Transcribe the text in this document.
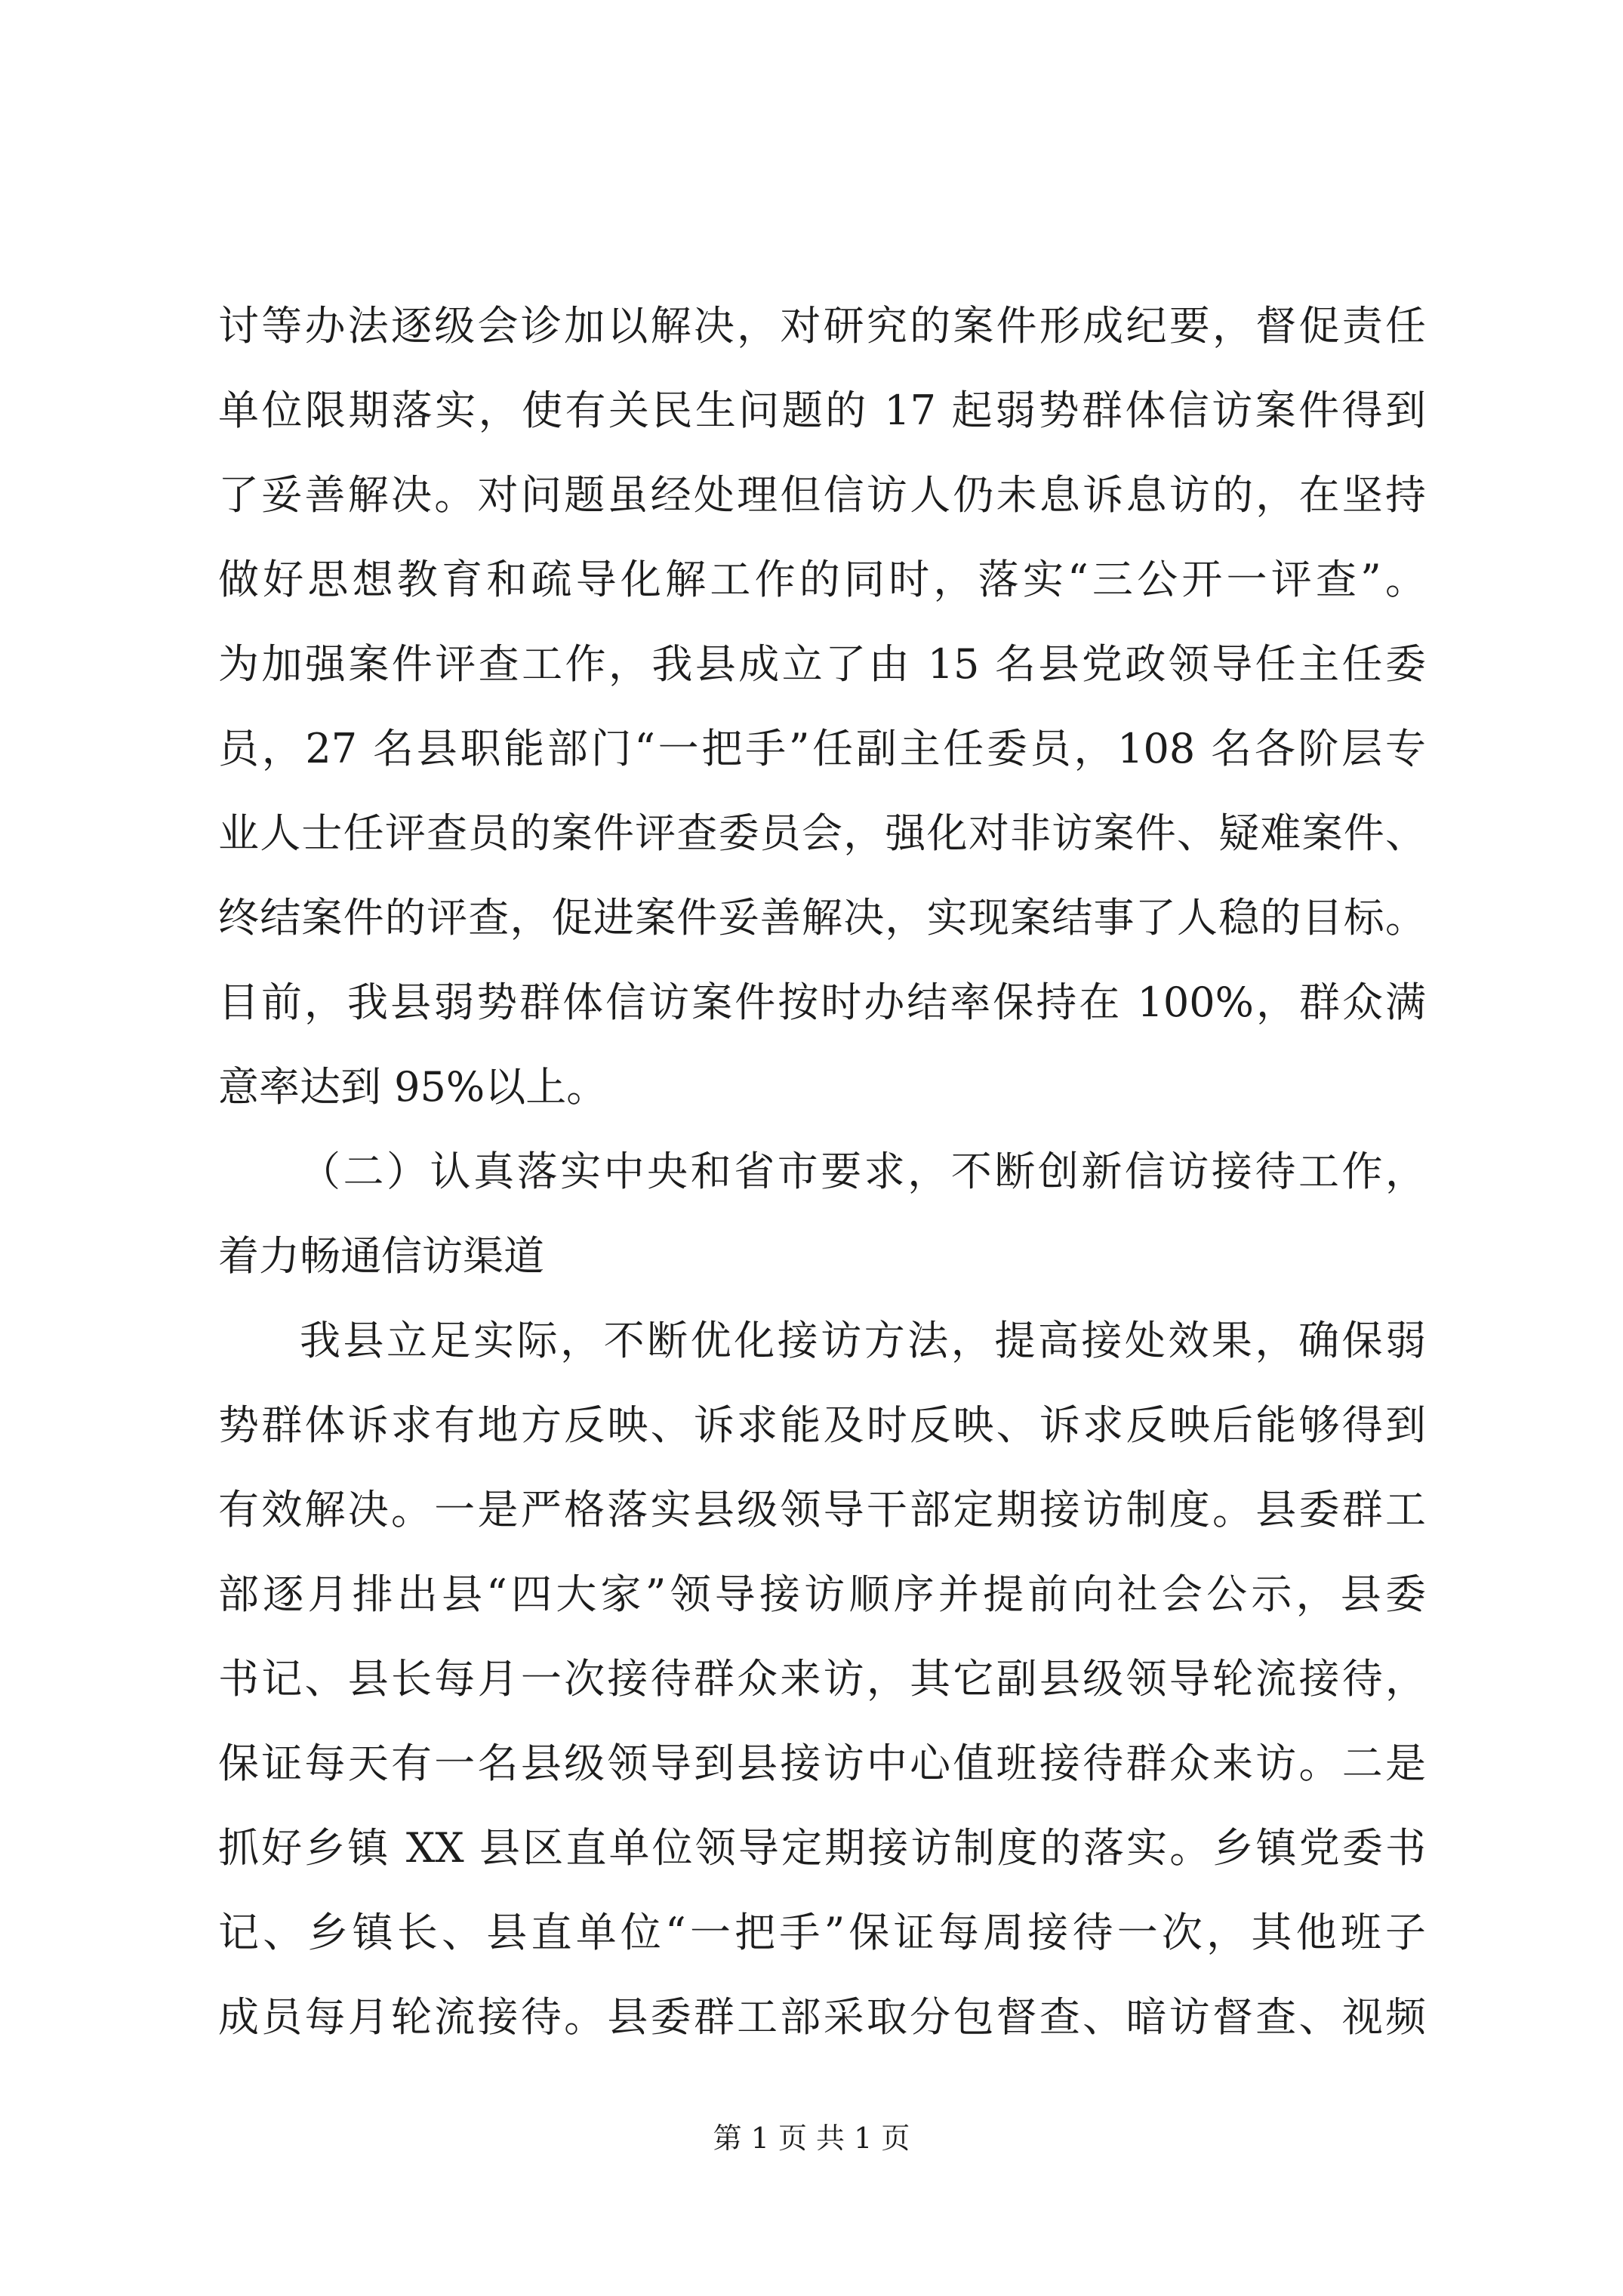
讨等办法逐级会诊加以解决，对研究的案件形成纪要，督促责任
单位限期落实，使有关民生问题的 17 起弱势群体信访案件得到
了妥善解决。对问题虽经处理但信访人仍未息诉息访的，在坚持
做好思想教育和疏导化解工作的同时，落实“三公开一评查”。
为加强案件评查工作，我县成立了由 15 名县党政领导任主任委
员，27 名县职能部门“一把手”任副主任委员，108 名各阶层专
业人士任评查员的案件评查委员会，强化对非访案件、疑难案件、
终结案件的评查，促进案件妥善解决，实现案结事了人稳的目标。
目前，我县弱势群体信访案件按时办结率保持在 100%，群众满
意率达到 95%以上。
（二）认真落实中央和省市要求，不断创新信访接待工作，
着力畅通信访渠道
我县立足实际，不断优化接访方法，提高接处效果，确保弱
势群体诉求有地方反映、诉求能及时反映、诉求反映后能够得到
有效解决。一是严格落实县级领导干部定期接访制度。县委群工
部逐月排出县“四大家”领导接访顺序并提前向社会公示，县委
书记、县长每月一次接待群众来访，其它副县级领导轮流接待，
保证每天有一名县级领导到县接访中心值班接待群众来访。二是
抓好乡镇 XX 县区直单位领导定期接访制度的落实。乡镇党委书
记、乡镇长、县直单位“一把手”保证每周接待一次，其他班子
成员每月轮流接待。县委群工部采取分包督查、暗访督查、视频
第 1 页 共 1 页
